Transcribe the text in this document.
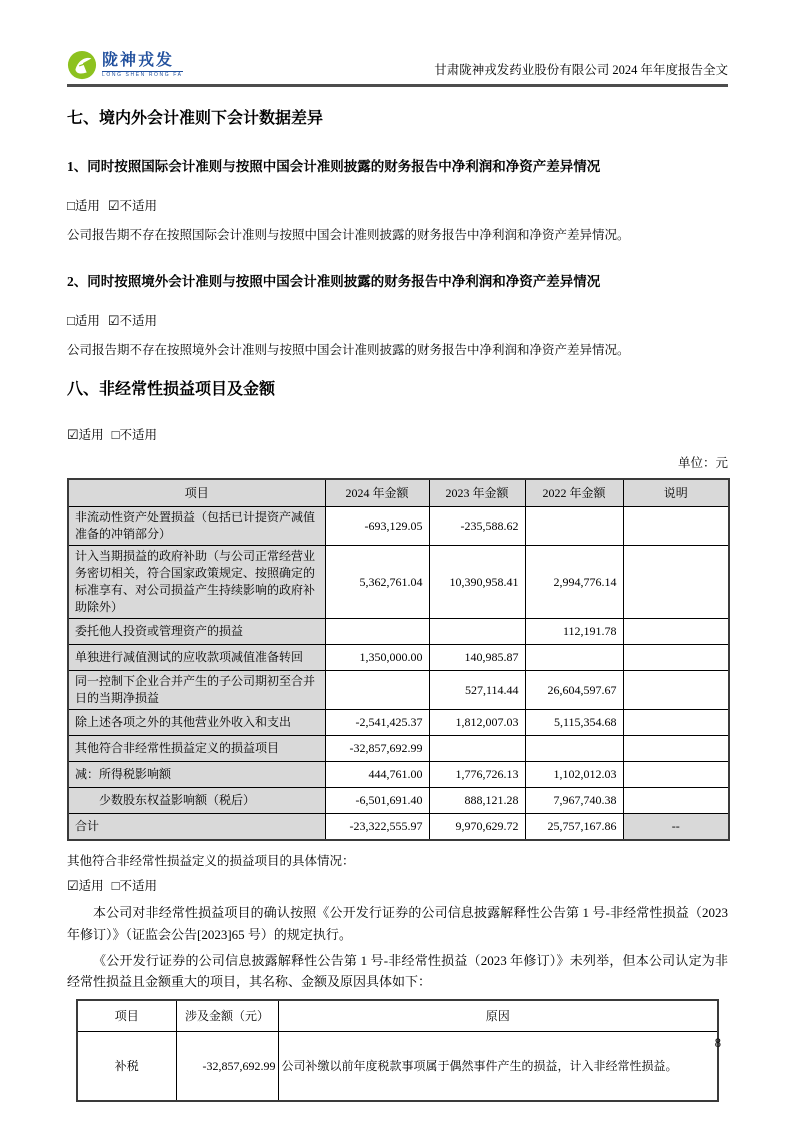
陇神戎发
LONG SHEN RONG FA	甘肃陇神戎发药业股份有限公司 2024 年年度报告全文
七、境内外会计准则下会计数据差异
1、同时按照国际会计准则与按照中国会计准则披露的财务报告中净利润和净资产差异情况
□适用 ☑不适用
公司报告期不存在按照国际会计准则与按照中国会计准则披露的财务报告中净利润和净资产差异情况。
2、同时按照境外会计准则与按照中国会计准则披露的财务报告中净利润和净资产差异情况
□适用 ☑不适用
公司报告期不存在按照境外会计准则与按照中国会计准则披露的财务报告中净利润和净资产差异情况。
八、非经常性损益项目及金额
☑适用 □不适用
单位：元
项目	2024 年金额	2023 年金额	2022 年金额	说明
非流动性资产处置损益（包括已计提资产减值准备的冲销部分）	-693,129.05	-235,588.62		
计入当期损益的政府补助（与公司正常经营业务密切相关，符合国家政策规定、按照确定的标准享有、对公司损益产生持续影响的政府补助除外）	5,362,761.04	10,390,958.41	2,994,776.14	
委托他人投资或管理资产的损益			112,191.78	
单独进行减值测试的应收款项减值准备转回	1,350,000.00	140,985.87		
同一控制下企业合并产生的子公司期初至合并日的当期净损益		527,114.44	26,604,597.67	
除上述各项之外的其他营业外收入和支出	-2,541,425.37	1,812,007.03	5,115,354.68	
其他符合非经常性损益定义的损益项目	-32,857,692.99			
减：所得税影响额	444,761.00	1,776,726.13	1,102,012.03	
少数股东权益影响额（税后）	-6,501,691.40	888,121.28	7,967,740.38	
合计	-23,322,555.97	9,970,629.72	25,757,167.86	--
其他符合非经常性损益定义的损益项目的具体情况：
☑适用 □不适用
本公司对非经常性损益项目的确认按照《公开发行证券的公司信息披露解释性公告第 1 号-非经常性损益（2023 年修订）》（证监会公告[2023]65 号）的规定执行。
《公开发行证券的公司信息披露解释性公告第 1 号-非经常性损益（2023 年修订）》未列举，但本公司认定为非经常性损益且金额重大的项目，其名称、金额及原因具体如下：
项目	涉及金额（元）	原因
补税	-32,857,692.99	公司补缴以前年度税款事项属于偶然事件产生的损益，计入非经常性损益。
8
